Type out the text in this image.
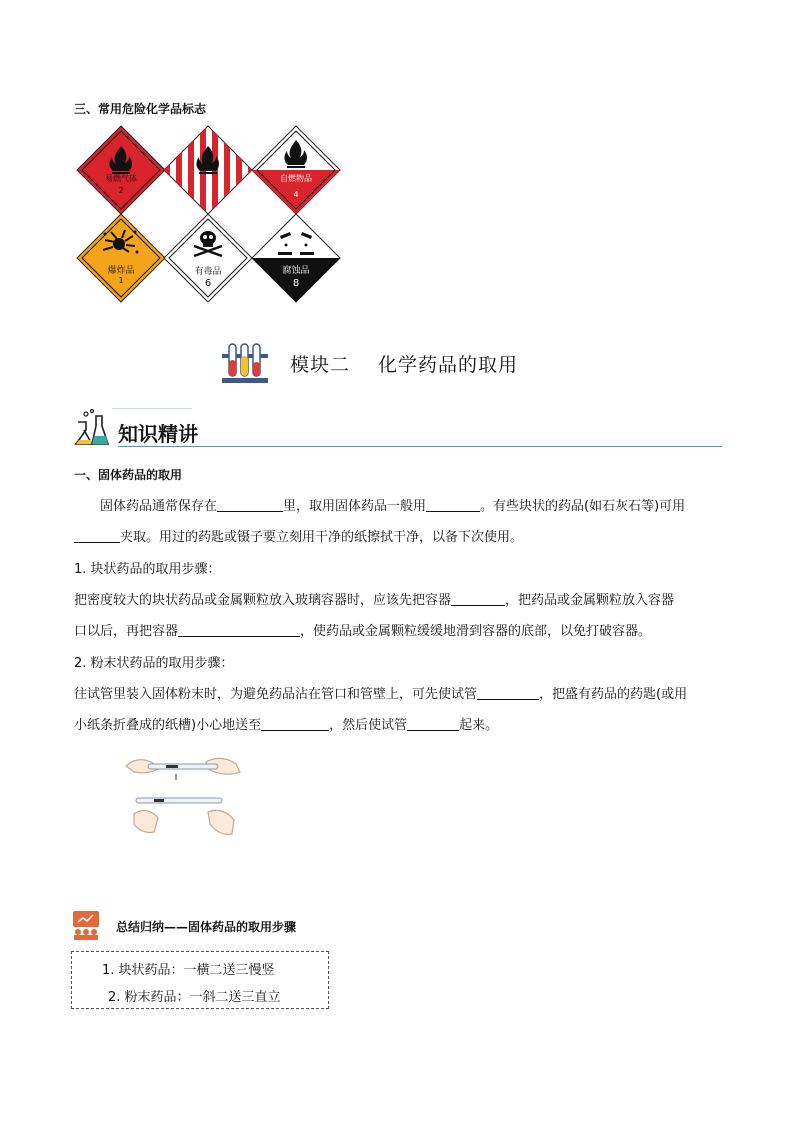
三、常用危险化学品标志
易燃气体
2
自燃物品
4
爆炸品
1
有毒品
6
腐蚀品
8
模块二 化学药品的取用
知识精讲
一、固体药品的取用
固体药品通常保存在	里，取用固体药品一般用	。有些块状的药品(如石灰石等)可用
夹取。用过的药匙或镊子要立刻用干净的纸擦拭干净，以备下次使用。
1. 块状药品的取用步骤：
把密度较大的块状药品或金属颗粒放入玻璃容器时，应该先把容器	，把药品或金属颗粒放入容器
口以后，再把容器	，使药品或金属颗粒缓缓地滑到容器的底部，以免打破容器。
2. 粉末状药品的取用步骤：
往试管里装入固体粉末时，为避免药品沾在管口和管壁上，可先使试管	，把盛有药品的药匙(或用
小纸条折叠成的纸槽)小心地送至	，然后使试管	起来。
总结归纳——固体药品的取用步骤
1. 块状药品：一横二送三慢竖
2. 粉末药品：一斜二送三直立
